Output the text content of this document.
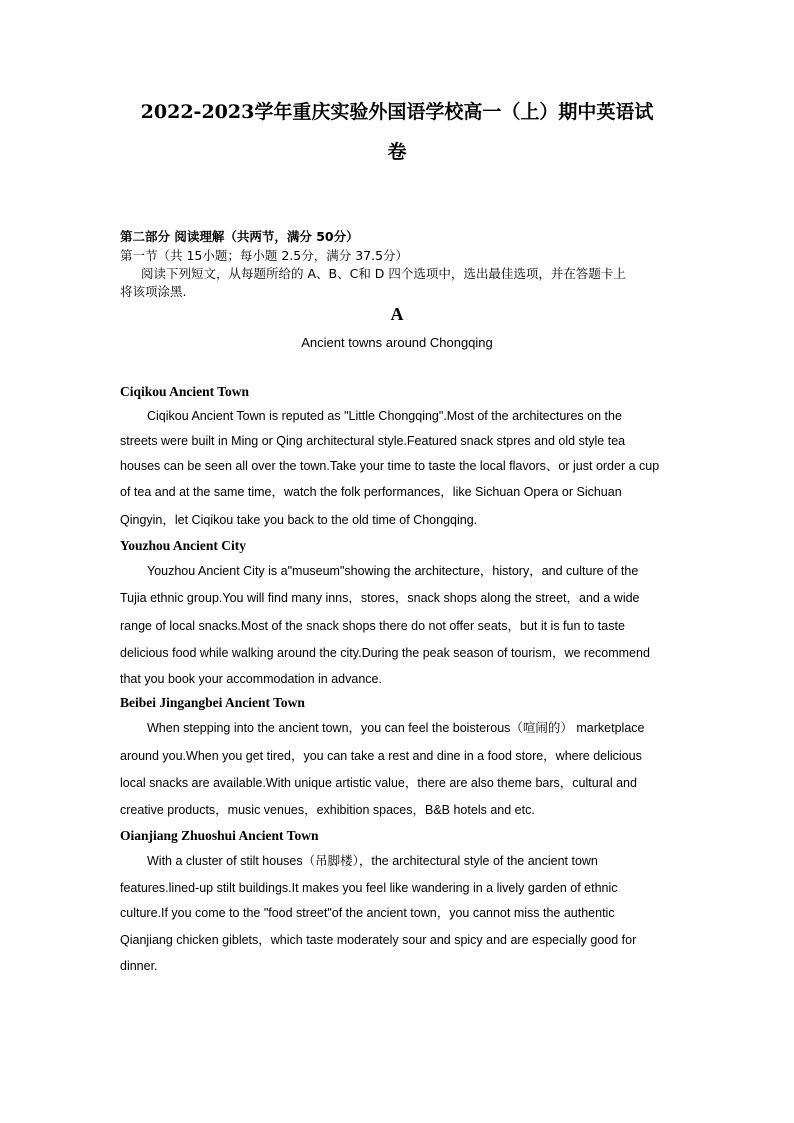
2022-2023学年重庆实验外国语学校高一（上）期中英语试
卷

第二部分 阅读理解（共两节，满分 50分）

第一节（共 15小题；每小题 2.5分，满分 37.5分）

阅读下列短文，从每题所给的 A、B、C和 D 四个选项中，选出最佳选项，并在答题卡上

将该项涂黑.

A

Ancient towns around Chongqing

Ciqikou Ancient Town

Ciqikou Ancient Town is reputed as "Little Chongqing".Most of the architectures on the

streets were built in Ming or Qing architectural style.Featured snack stpres and old style tea

houses can be seen all over the town.Take your time to taste the local flavors、or just order a cup

of tea and at the same time，watch the folk performances，like Sichuan Opera or Sichuan

Qingyin，let Ciqikou take you back to the old time of Chongqing.

Youzhou Ancient City

Youzhou Ancient City is a"museum"showing the architecture，history，and culture of the

Tujia ethnic group.You will find many inns，stores，snack shops along the street，and a wide

range of local snacks.Most of the snack shops there do not offer seats，but it is fun to taste

delicious food while walking around the city.During the peak season of tourism，we recommend

that you book your accommodation in advance.

Beibei Jingangbei Ancient Town

When stepping into the ancient town，you can feel the boisterous（喧闹的） marketplace

around you.When you get tired，you can take a rest and dine in a food store，where delicious

local snacks are available.With unique artistic value，there are also theme bars，cultural and

creative products，music venues，exhibition spaces，B&B hotels and etc.

Oianjiang Zhuoshui Ancient Town

With a cluster of stilt houses（吊脚楼），the architectural style of the ancient town

features.lined-up stilt buildings.It makes you feel like wandering in a lively garden of ethnic

culture.If you come to the "food street"of the ancient town，you cannot miss the authentic

Qianjiang chicken giblets，which taste moderately sour and spicy and are especially good for

dinner.
